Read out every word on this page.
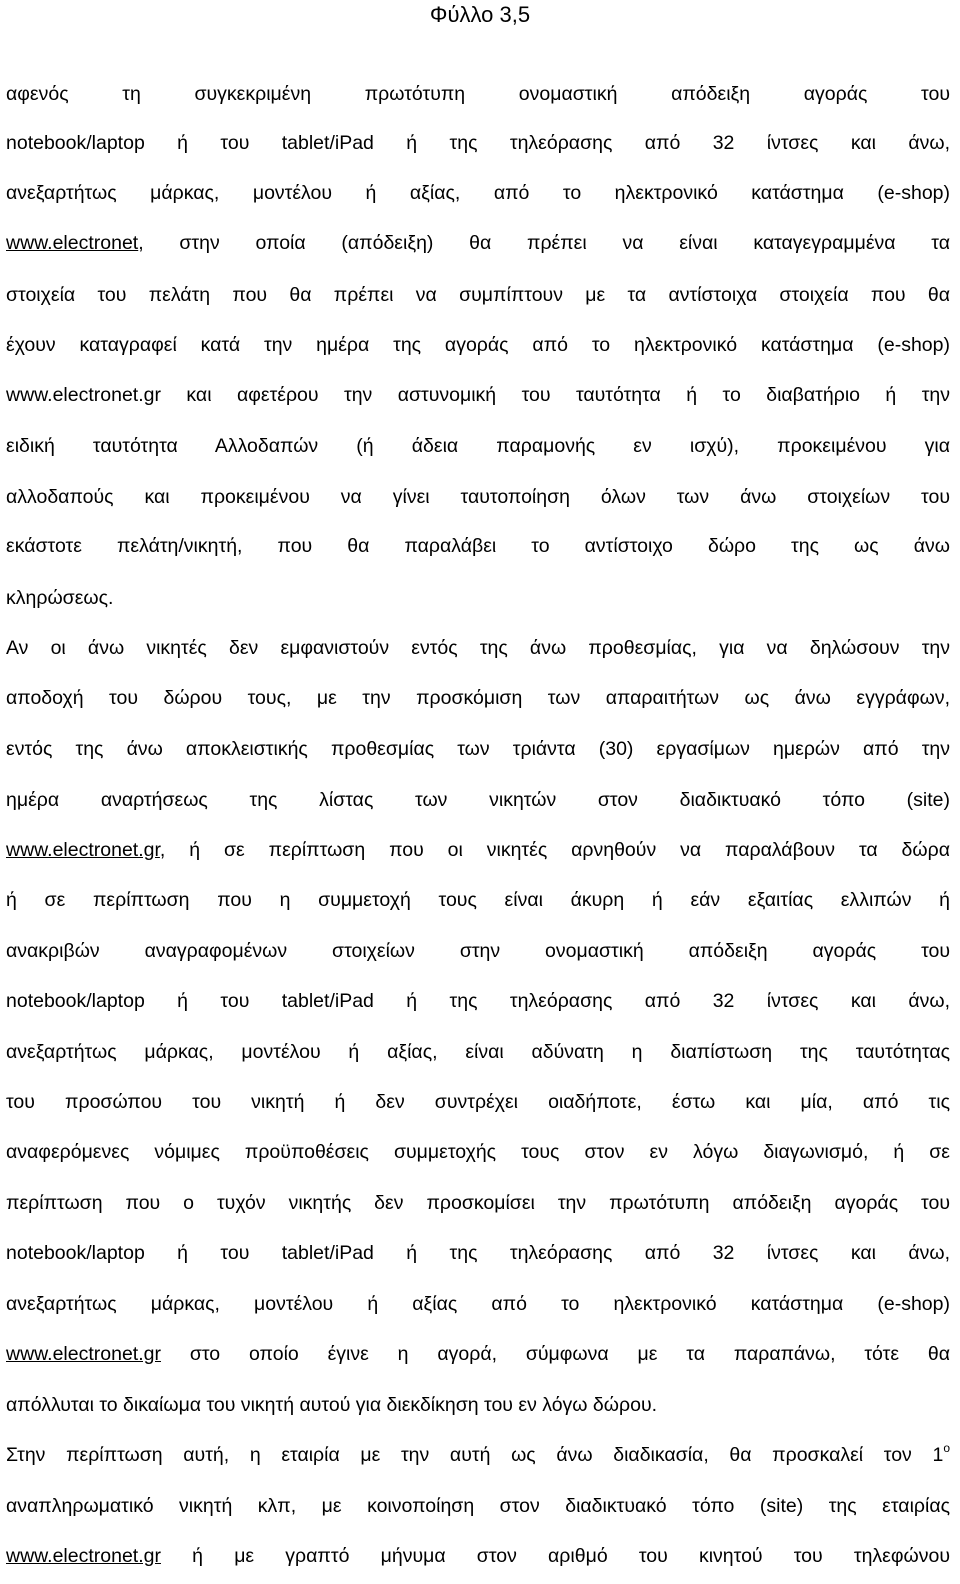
Φύλλο 3,5
αφενός τη συγκεκριμένη πρωτότυπη ονομαστική απόδειξη αγοράς του
notebook/laptop ή του tablet/iPad ή της τηλεόρασης από 32 ίντσες και άνω,
ανεξαρτήτως μάρκας, μοντέλου ή αξίας, από το ηλεκτρονικό κατάστημα (e-shop)
www.electronet, στην οποία (απόδειξη) θα πρέπει να είναι καταγεγραμμένα τα
στοιχεία του πελάτη που θα πρέπει να συμπίπτουν με τα αντίστοιχα στοιχεία που θα
έχουν καταγραφεί κατά την ημέρα της αγοράς από το ηλεκτρονικό κατάστημα (e-shop)
www.electronet.gr και αφετέρου την αστυνομική του ταυτότητα ή το διαβατήριο ή την
ειδική ταυτότητα Αλλοδαπών (ή άδεια παραμονής εν ισχύ), προκειμένου για
αλλοδαπούς και προκειμένου να γίνει ταυτοποίηση όλων των άνω στοιχείων του
εκάστοτε πελάτη/νικητή, που θα παραλάβει το αντίστοιχο δώρο της ως άνω
κληρώσεως.
Αν οι άνω νικητές δεν εμφανιστούν εντός της άνω προθεσμίας, για να δηλώσουν την
αποδοχή του δώρου τους, με την προσκόμιση των απαραιτήτων ως άνω εγγράφων,
εντός της άνω αποκλειστικής προθεσμίας των τριάντα (30) εργασίμων ημερών από την
ημέρα αναρτήσεως της λίστας των νικητών στον διαδικτυακό τόπο (site)
www.electronet.gr, ή σε περίπτωση που οι νικητές αρνηθούν να παραλάβουν τα δώρα
ή σε περίπτωση που η συμμετοχή τους είναι άκυρη ή εάν εξαιτίας ελλιπών ή
ανακριβών αναγραφομένων στοιχείων στην ονομαστική απόδειξη αγοράς του
notebook/laptop ή του tablet/iPad ή της τηλεόρασης από 32 ίντσες και άνω,
ανεξαρτήτως μάρκας, μοντέλου ή αξίας, είναι αδύνατη η διαπίστωση της ταυτότητας
του προσώπου του νικητή ή δεν συντρέχει οιαδήποτε, έστω και μία, από τις
αναφερόμενες νόμιμες προϋποθέσεις συμμετοχής τους στον εν λόγω διαγωνισμό, ή σε
περίπτωση που ο τυχόν νικητής δεν προσκομίσει την πρωτότυπη απόδειξη αγοράς του
notebook/laptop ή του tablet/iPad ή της τηλεόρασης από 32 ίντσες και άνω,
ανεξαρτήτως μάρκας, μοντέλου ή αξίας από το ηλεκτρονικό κατάστημα (e-shop)
www.electronet.gr στο οποίο έγινε η αγορά, σύμφωνα με τα παραπάνω, τότε θα
απόλλυται το δικαίωμα του νικητή αυτού για διεκδίκηση του εν λόγω δώρου.
Στην περίπτωση αυτή, η εταιρία με την αυτή ως άνω διαδικασία, θα προσκαλεί τον $1^o$
αναπληρωματικό νικητή κλπ, με κοινοποίηση στον διαδικτυακό τόπο (site) της εταιρίας
www.electronet.gr ή με γραπτό μήνυμα στον αριθμό του κινητού του τηλεφώνου
